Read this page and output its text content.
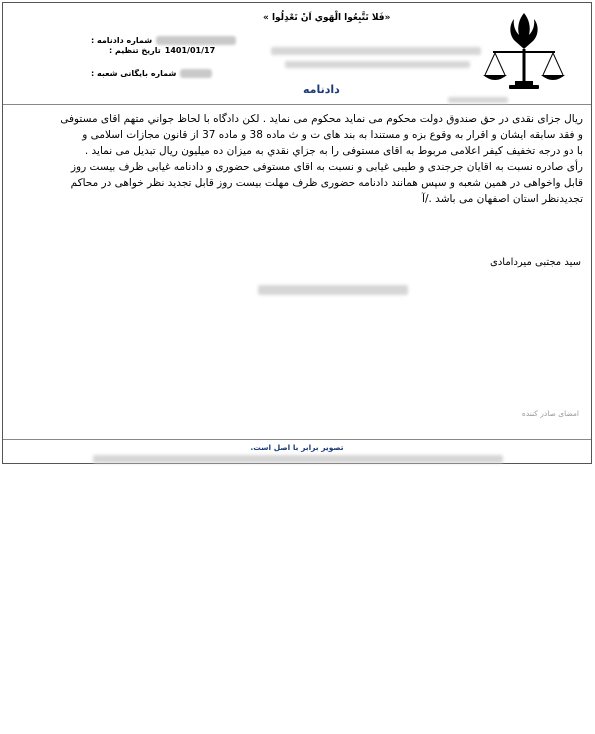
«فَلا تَتَّبِعُوا الْهَوي اَنْ تَعْدِلُوا »
شماره دادنامه :
1401/01/17
تاریخ تنظیم :
شماره بایگانی شعبه :
دادنامه

ريال جزای نقدی در حق صندوق دولت محکوم می نماید محکوم می نماید . لکن دادگاه با لحاظ جواني متهم اقای مستوفی

و فقد سابقه ایشان و اقرار به وقوع بزه و مستندا به بند های ت و ث ماده 38 و ماده 37 از قانون مجازات اسلامی و

با دو درجه تخفیف کیفر اعلامی مربوط به اقای مستوفی را به جزاي نقدي به میزان ده میلیون ريال تبدیل می نماید .

رأی صادره نسبت به اقایان جرجندی و طیبی غیابی و نسبت به اقای مستوفی حضوری و دادنامه غیابی ظرف بیست روز

قابل واخواهی در همین شعبه و سپس همانند دادنامه حضوری ظرف مهلت بیست روز قابل تجدید نظر خواهی در محاکم

تجدیدنظر استان اصفهان می باشد ./آ

سید مجتبی میردامادی
امضای صادر کننده
تصویر برابر با اصل است.
